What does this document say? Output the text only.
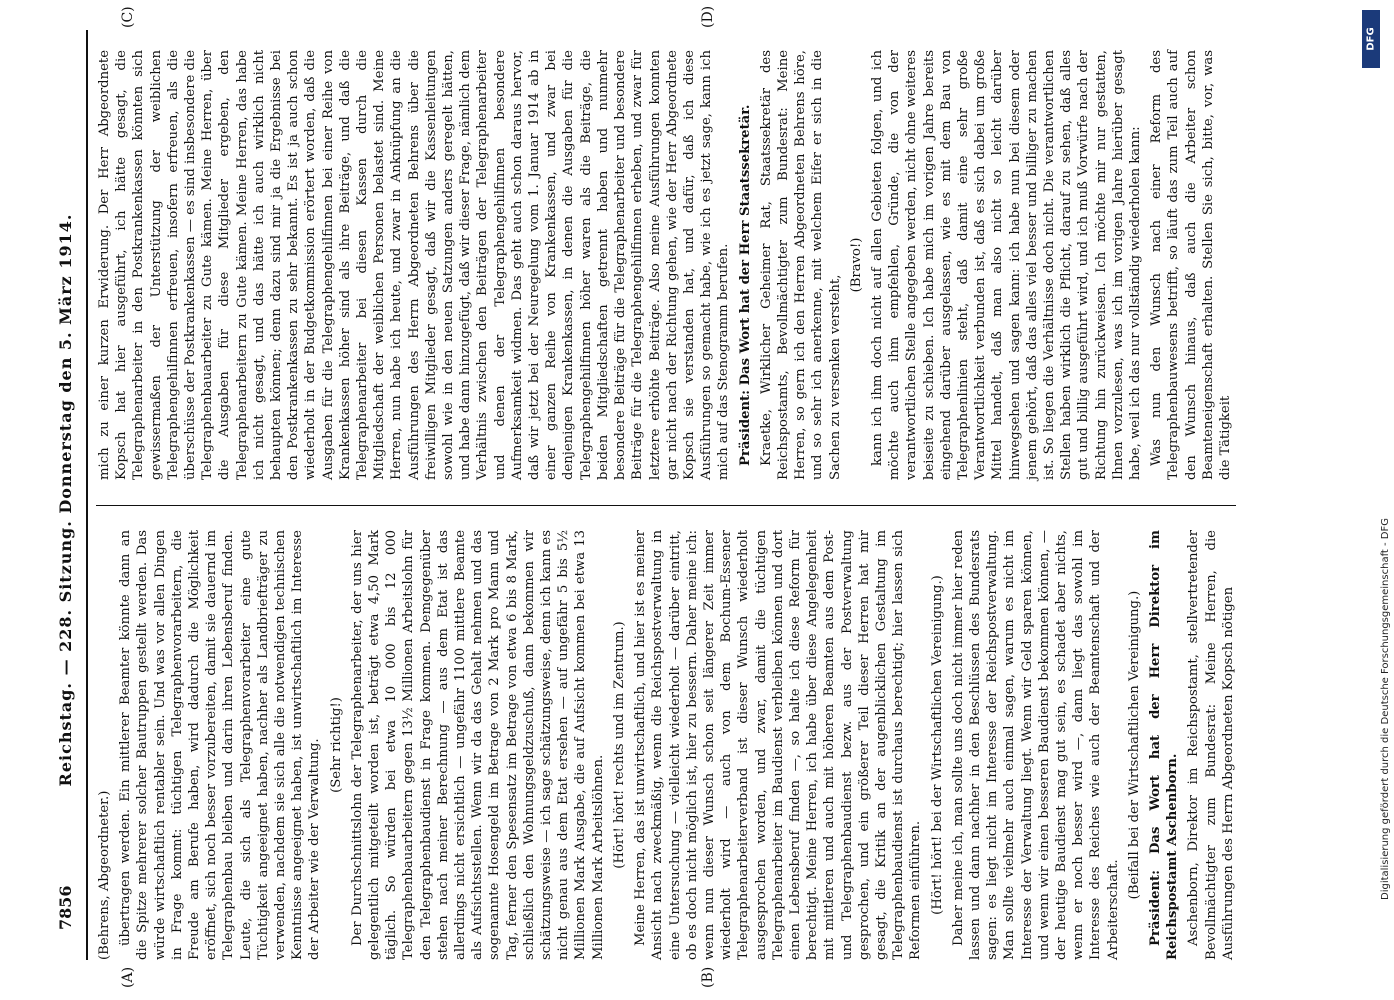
7856
Reichstag. — 228. Sitzung. Donnerstag den 5. März 1914.
(A)	(B)
(C)	(D)

(Behrens, Abgeordneter.) übertragen werden. Ein mittlerer Beamter könnte dann an die Spitze mehrerer solcher Bautruppen gestellt werden. Das würde wirtschaftlich rentabler sein. Und was vor allen Dingen in Frage kommt: tüchtigen Telegraphenvorarbeitern, die Freude am Berufe haben, wird dadurch die Möglichkeit eröffnet, sich noch besser vorzubereiten, damit sie dauernd im Telegraphenbau bleiben und darin ihren Lebensberuf finden. Leute, die sich als Telegraphenvorarbeiter eine gute Tüchtigkeit angeeignet haben, nachher als Landbriefträger zu verwenden, nachdem sie sich alle die notwendigen technischen Kenntnisse angeeignet haben, ist unwirtschaftlich im Interesse der Arbeiter wie der Verwaltung. (Sehr richtig!) Der Durchschnittslohn der Telegraphenarbeiter, der uns hier gelegentlich mitgeteilt worden ist, beträgt etwa 4,50 Mark täglich. So würden bei etwa 10 000 bis 12 000 Telegraphenbauarbeitern gegen 13½ Millionen Arbeitslohn für den Telegraphenbaudienst in Frage kommen. Demgegenüber stehen nach meiner Berechnung — aus dem Etat ist das allerdings nicht ersichtlich — ungefähr 1100 mittlere Beamte als Aufsichtsstellen. Wenn wir da das Gehalt nehmen und das sogenannte Hosengeld im Betrage von 2 Mark pro Mann und Tag, ferner den Spesensatz im Betrage von etwa 6 bis 8 Mark, schließlich den Wohnungsgeldzuschuß, dann bekommen wir schätzungsweise — ich sage schätzungsweise, denn ich kann es nicht genau aus dem Etat ersehen — auf ungefähr 5 bis 5½ Millionen Mark Ausgabe, die auf Aufsicht kommen bei etwa 13 Millionen Mark Arbeitslöhnen. (Hört! hört! rechts und im Zentrum.) Meine Herren, das ist unwirtschaftlich, und hier ist es meiner Ansicht nach zweckmäßig, wenn die Reichspostverwaltung in eine Untersuchung — vielleicht wiederholt — darüber eintritt, ob es doch nicht möglich ist, hier zu bessern. Daher meine ich: wenn nun dieser Wunsch schon seit längerer Zeit immer wiederholt wird — auch von dem Bochum-Essener Telegraphenarbeiterverband ist dieser Wunsch wiederholt ausgesprochen worden, und zwar, damit die tüchtigen Telegraphenarbeiter im Baudienst verbleiben können und dort einen Lebensberuf finden —, so halte ich diese Reform für berechtigt. Meine Herren, ich habe über diese Angelegenheit mit mittleren und auch mit höheren Beamten aus dem Post- und Telegraphenbaudienst bezw. aus der Postverwaltung gesprochen, und ein größerer Teil dieser Herren hat mir gesagt, die Kritik an der augenblicklichen Gestaltung im Telegraphenbaudienst ist durchaus berechtigt; hier lassen sich Reformen einführen. (Hört! hört! bei der Wirtschaftlichen Vereinigung.) Daher meine ich, man sollte uns doch nicht immer hier reden lassen und dann nachher in den Beschlüssen des Bundesrats sagen: es liegt nicht im Interesse der Reichspostverwaltung. Man sollte vielmehr auch einmal sagen, warum es nicht im Interesse der Verwaltung liegt. Wenn wir Geld sparen können, und wenn wir einen besseren Baudienst bekommen können, — der heutige Baudienst mag gut sein, es schadet aber nichts, wenn er noch besser wird —, dann liegt das sowohl im Interesse des Reiches wie auch der Beamtenschaft und der Arbeiterschaft.

(Beifall bei der Wirtschaftlichen Vereinigung.) Präsident: Das Wort hat der Herr Direktor im Reichspostamt Aschenborn. Aschenborn, Direktor im Reichspostamt, stellvertretender Bevollmächtigter zum Bundesrat: Meine Herren, die Ausführungen des Herrn Abgeordneten Kopsch nötigen

mich zu einer kurzen Erwiderung. Der Herr Abgeordnete Kopsch hat hier ausgeführt, ich hätte gesagt, die Telegraphenarbeiter in den Postkrankenkassen könnten sich gewissermaßen der Unterstützung der weiblichen Telegraphengehilfinnen erfreuen, insofern erfreuen, als die überschüsse der Postkrankenkassen — es sind insbesondere die Telegraphenbauarbeiter zu Gute kämen. Meine Herren, über die Ausgaben für diese Mitglieder ergeben, den Telegraphenarbeitern zu Gute kämen. Meine Herren, das habe ich nicht gesagt, und das hätte ich auch wirklich nicht behaupten können; denn dazu sind mir ja die Ergebnisse bei den Postkrankenkassen zu sehr bekannt. Es ist ja auch schon wiederholt in der Budgetkommission erörtert worden, daß die Ausgaben für die Telegraphengehilfinnen bei einer Reihe von Krankenkassen höher sind als ihre Beiträge, und daß die Telegraphenarbeiter bei diesen Kassen durch die Mitgliedschaft der weiblichen Personen belastet sind. Meine Herren, nun habe ich heute, und zwar in Anknüpfung an die Ausführungen des Herrn Abgeordneten Behrens über die freiwilligen Mitglieder gesagt, daß wir die Kassenleitungen sowohl wie in den neuen Satzungen anders geregelt hätten, und habe dann hinzugefügt, daß wir dieser Frage, nämlich dem Verhältnis zwischen den Beiträgen der Telegraphenarbeiter und denen der Telegraphengehilfinnen besondere Aufmerksamkeit widmen. Das geht auch schon daraus hervor, daß wir jetzt bei der Neuregelung vom 1. Januar 1914 ab in einer ganzen Reihe von Krankenkassen, und zwar bei denjenigen Krankenkassen, in denen die Ausgaben für die Telegraphengehilfinnen höher waren als die Beiträge, die beiden Mitgliedschaften getrennt haben und nunmehr besondere Beiträge für die Telegraphenarbeiter und besondere Beiträge für die Telegraphengehilfinnen erheben, und zwar für letztere erhöhte Beiträge. Also meine Ausführungen konnten gar nicht nach der Richtung gehen, wie der Herr Abgeordnete Kopsch sie verstanden hat, und dafür, daß ich diese Ausführungen so gemacht habe, wie ich es jetzt sage, kann ich mich auf das Stenogramm berufen. Präsident: Das Wort hat der Herr Staatssekretär. Kraetke, Wirklicher Geheimer Rat, Staatssekretär des Reichspostamts, Bevollmächtigter zum Bundesrat: Meine Herren, so gern ich den Herren Abgeordneten Behrens höre, und so sehr ich anerkenne, mit welchem Eifer er sich in die Sachen zu versenken versteht,

(Bravo!) kann ich ihm doch nicht auf allen Gebieten folgen, und ich möchte auch ihm empfehlen, Gründe, die von der verantwortlichen Stelle angegeben werden, nicht ohne weiteres beiseite zu schieben. Ich habe mich im vorigen Jahre bereits eingehend darüber ausgelassen, wie es mit dem Bau von Telegraphenlinien steht, daß damit eine sehr große Verantwortlichkeit verbunden ist, daß es sich dabei um große Mittel handelt, daß man also nicht so leicht darüber hinwegsehen und sagen kann: ich habe nun bei diesem oder jenem gehört, daß das alles viel besser und billiger zu machen ist. So liegen die Verhältnisse doch nicht. Die verantwortlichen Stellen haben wirklich die Pflicht, darauf zu sehen, daß alles gut und billig ausgeführt wird, und ich muß Vorwürfe nach der Richtung hin zurückweisen. Ich möchte mir nur gestatten, Ihnen vorzulesen, was ich im vorigen Jahre hierüber gesagt habe, weil ich das nur vollständig wiederholen kann: Was nun den Wunsch nach einer Reform des Telegraphenbauwesens betrifft, so läuft das zum Teil auch auf den Wunsch hinaus, daß auch die Arbeiter schon Beamteneigenschaft erhalten. Stellen Sie sich, bitte, vor, was die Tätigkeit

DFG
Digitalisierung gefördert durch die Deutsche Forschungsgemeinschaft - DFG
